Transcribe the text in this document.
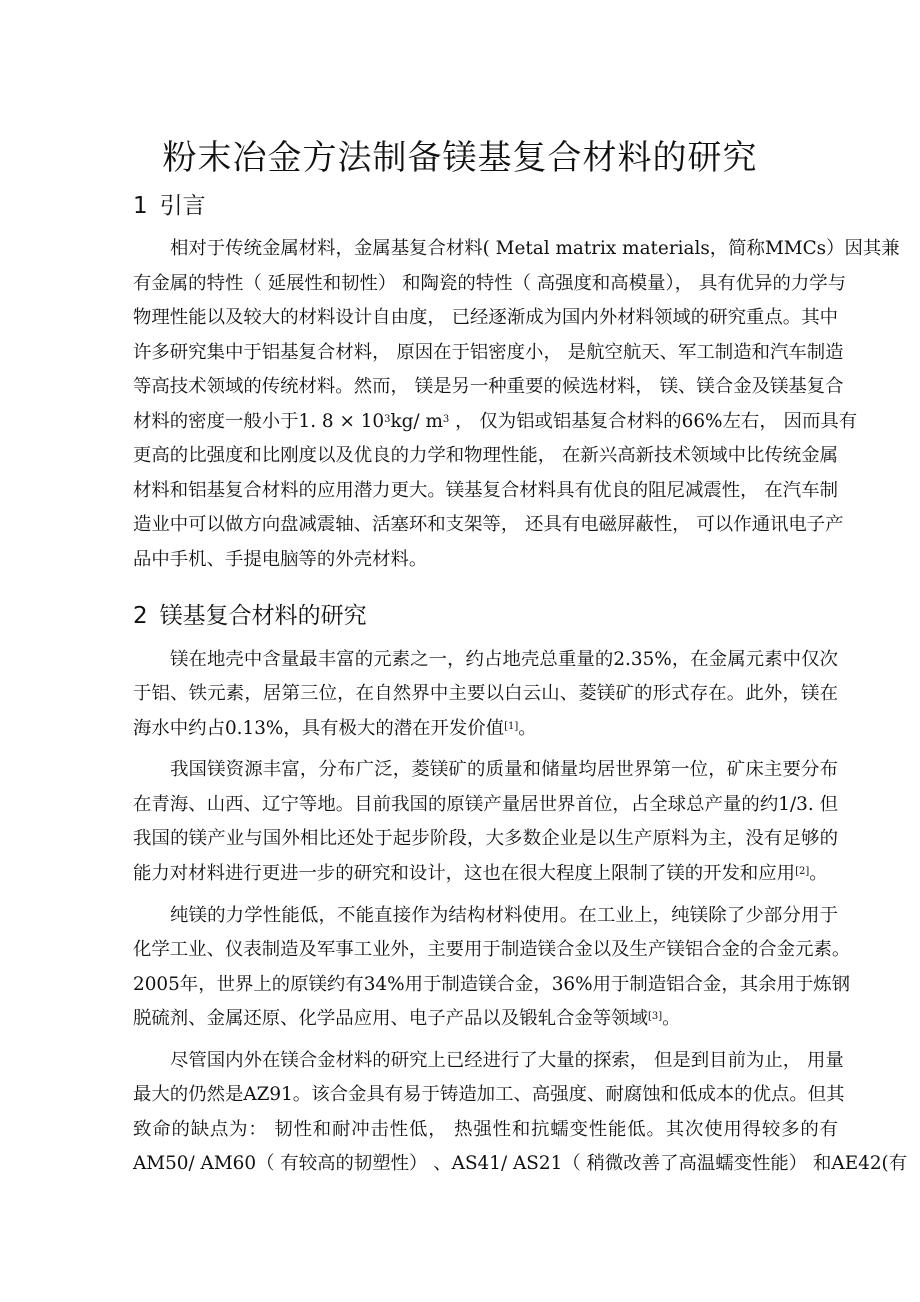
粉末冶金方法制备镁基复合材料的研究
1 引言
相对于传统金属材料，金属基复合材料( Metal matrix materials，简称MMCs）因其兼
有金属的特性（ 延展性和韧性） 和陶瓷的特性（ 高强度和高模量）， 具有优异的力学与
物理性能以及较大的材料设计自由度， 已经逐渐成为国内外材料领域的研究重点。其中
许多研究集中于铝基复合材料， 原因在于铝密度小， 是航空航天、军工制造和汽车制造
等高技术领域的传统材料。然而， 镁是另一种重要的候选材料， 镁、镁合金及镁基复合
材料的密度一般小于1. $8 \times 10^3kg/$ $m^3$ ， 仅为铝或铝基复合材料的66%左右， 因而具有
更高的比强度和比刚度以及优良的力学和物理性能， 在新兴高新技术领域中比传统金属
材料和铝基复合材料的应用潜力更大。镁基复合材料具有优良的阻尼减震性， 在汽车制
造业中可以做方向盘减震轴、活塞环和支架等， 还具有电磁屏蔽性， 可以作通讯电子产
品中手机、手提电脑等的外壳材料。
2 镁基复合材料的研究
镁在地壳中含量最丰富的元素之一，约占地壳总重量的2.35%，在金属元素中仅次
于铝、铁元素，居第三位，在自然界中主要以白云山、菱镁矿的形式存在。此外，镁在
海水中约占0.13%，具有极大的潜在开发价值[1]。
我国镁资源丰富，分布广泛，菱镁矿的质量和储量均居世界第一位，矿床主要分布
在青海、山西、辽宁等地。目前我国的原镁产量居世界首位，占全球总产量的约1/3. 但
我国的镁产业与国外相比还处于起步阶段，大多数企业是以生产原料为主，没有足够的
能力对材料进行更进一步的研究和设计，这也在很大程度上限制了镁的开发和应用[2]。
纯镁的力学性能低，不能直接作为结构材料使用。在工业上，纯镁除了少部分用于
化学工业、仪表制造及军事工业外，主要用于制造镁合金以及生产镁铝合金的合金元素。
2005年，世界上的原镁约有34%用于制造镁合金，36%用于制造铝合金，其余用于炼钢
脱硫剂、金属还原、化学品应用、电子产品以及锻轧合金等领域[3]。
尽管国内外在镁合金材料的研究上已经进行了大量的探索， 但是到目前为止， 用量
最大的仍然是AZ91。该合金具有易于铸造加工、高强度、耐腐蚀和低成本的优点。但其
致命的缺点为： 韧性和耐冲击性低， 热强性和抗蠕变性能低。其次使用得较多的有
AM50/ AM60（ 有较高的韧塑性） 、AS41/ AS21（ 稍微改善了高温蠕变性能） 和AE42(有
